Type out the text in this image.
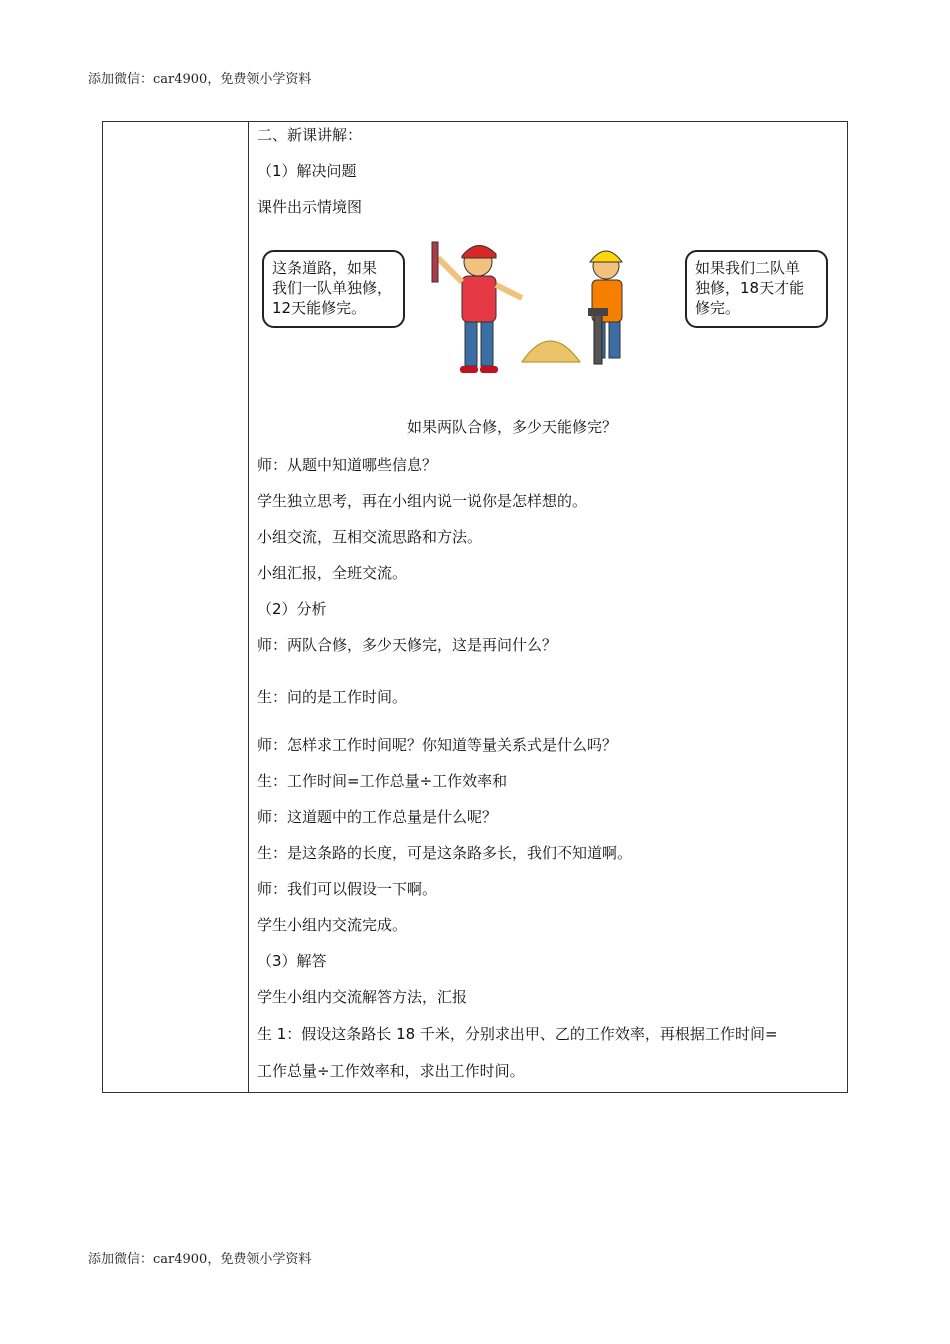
添加微信：car4900，免费领小学资料
二、新课讲解：
（1）解决问题
课件出示情境图
这条道路，如果
我们一队单独修，
12天能修完。
如果我们二队单
独修，18天才能
修完。
如果两队合修，多少天能修完？
师：从题中知道哪些信息？
学生独立思考，再在小组内说一说你是怎样想的。
小组交流，互相交流思路和方法。
小组汇报，全班交流。
（2）分析
师：两队合修，多少天修完，这是再问什么？
生：问的是工作时间。
师：怎样求工作时间呢？你知道等量关系式是什么吗？
生：工作时间=工作总量÷工作效率和
师：这道题中的工作总量是什么呢？
生：是这条路的长度，可是这条路多长，我们不知道啊。
师：我们可以假设一下啊。
学生小组内交流完成。
（3）解答
学生小组内交流解答方法，汇报
生 1：假设这条路长 18 千米，分别求出甲、乙的工作效率，再根据工作时间=
工作总量÷工作效率和，求出工作时间。
添加微信：car4900，免费领小学资料
